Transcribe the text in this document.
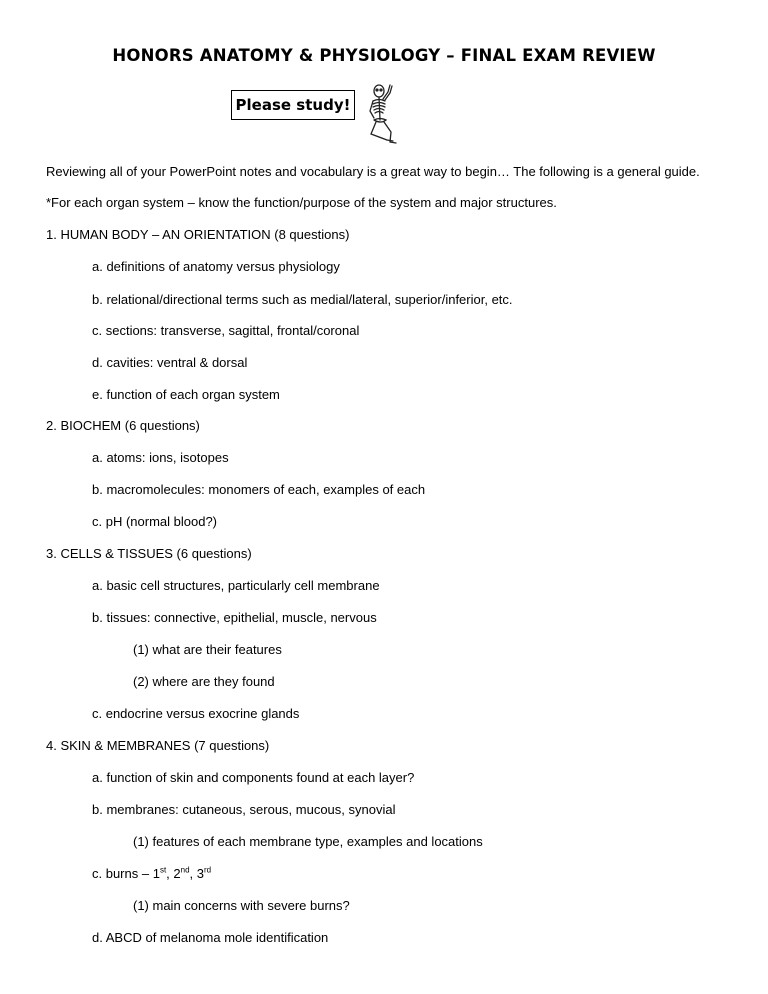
HONORS ANATOMY & PHYSIOLOGY – FINAL EXAM REVIEW
Please study!
Reviewing all of your PowerPoint notes and vocabulary is a great way to begin… The following is a general guide.
*For each organ system – know the function/purpose of the system and major structures.
1. HUMAN BODY – AN ORIENTATION (8 questions)
a. definitions of anatomy versus physiology
b. relational/directional terms such as medial/lateral, superior/inferior, etc.
c. sections: transverse, sagittal, frontal/coronal
d. cavities: ventral & dorsal
e. function of each organ system
2. BIOCHEM (6 questions)
a. atoms: ions, isotopes
b. macromolecules: monomers of each, examples of each
c. pH (normal blood?)
3. CELLS & TISSUES (6 questions)
a. basic cell structures, particularly cell membrane
b. tissues: connective, epithelial, muscle, nervous
(1) what are their features
(2) where are they found
c. endocrine versus exocrine glands
4. SKIN & MEMBRANES (7 questions)
a. function of skin and components found at each layer?
b. membranes: cutaneous, serous, mucous, synovial
(1) features of each membrane type, examples and locations
c. burns – 1st, 2nd, 3rd
(1) main concerns with severe burns?
d. ABCD of melanoma mole identification
